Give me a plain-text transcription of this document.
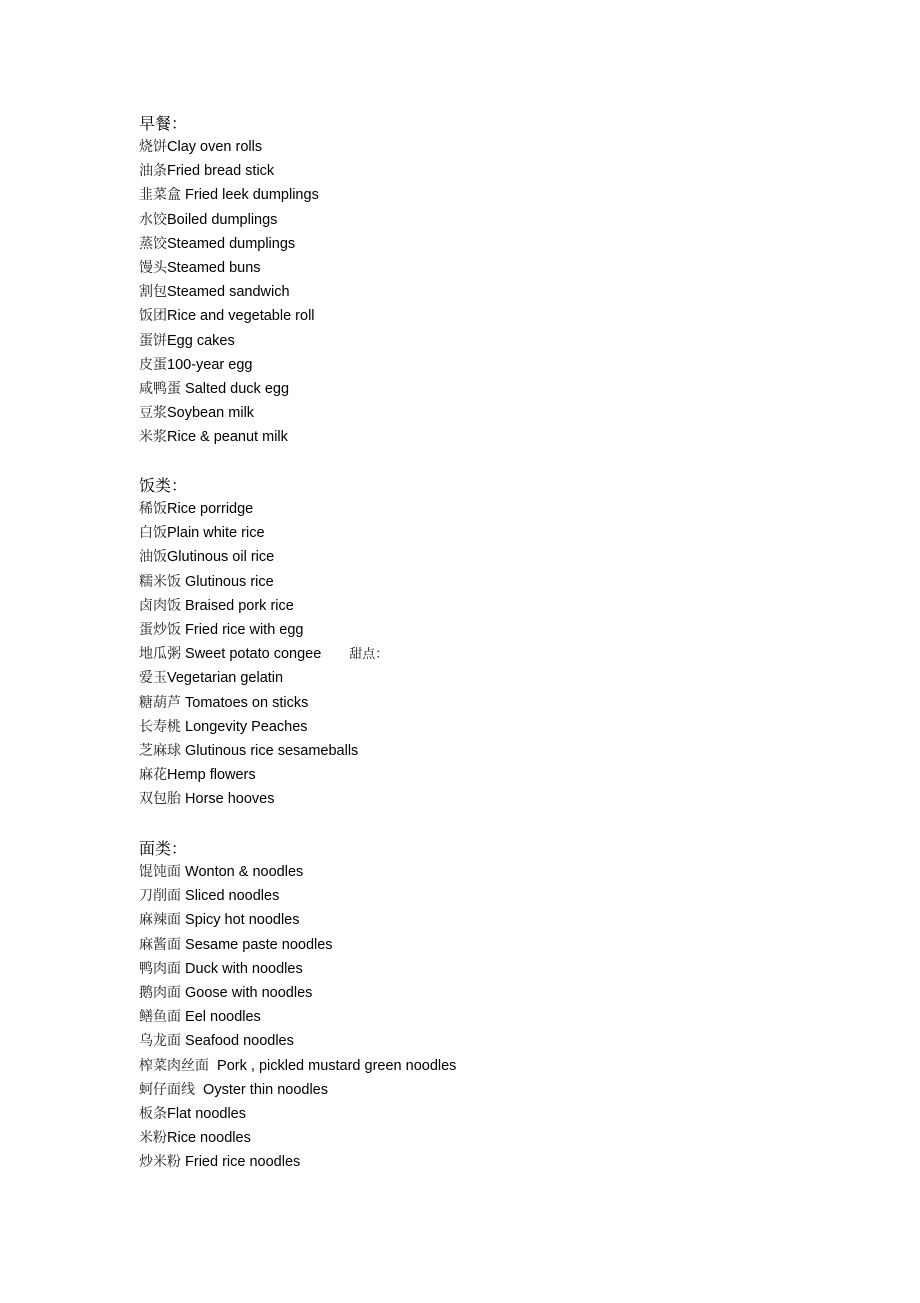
早餐：
烧饼Clay oven rolls
油条Fried bread stick
韭菜盒 Fried leek dumplings
水饺Boiled dumplings
蒸饺Steamed dumplings
馒头Steamed buns
割包Steamed sandwich
饭团Rice and vegetable roll
蛋饼Egg cakes
皮蛋100-year egg
咸鸭蛋 Salted duck egg
豆浆Soybean milk
米浆Rice & peanut milk
饭类：
稀饭Rice porridge
白饭Plain white rice
油饭Glutinous oil rice
糯米饭 Glutinous rice
卤肉饭 Braised pork rice
蛋炒饭 Fried rice with egg
地瓜粥 Sweet potato congee 甜点：
爱玉Vegetarian gelatin
糖葫芦 Tomatoes on sticks
长寿桃 Longevity Peaches
芝麻球 Glutinous rice sesameballs
麻花Hemp flowers
双包胎 Horse hooves
面类：
馄饨面 Wonton & noodles
刀削面 Sliced noodles
麻辣面 Spicy hot noodles
麻酱面 Sesame paste noodles
鸭肉面 Duck with noodles
鹅肉面 Goose with noodles
鳝鱼面 Eel noodles
乌龙面 Seafood noodles
榨菜肉丝面  Pork , pickled mustard green noodles
蚵仔面线  Oyster thin noodles
板条Flat noodles
米粉Rice noodles
炒米粉 Fried rice noodles
